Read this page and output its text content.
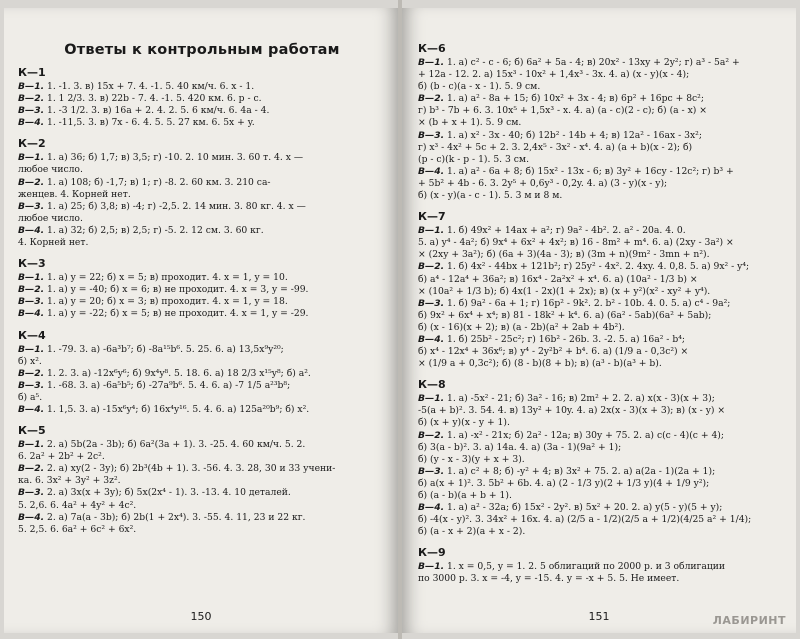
Ответы к контрольным работам
К—1
В—1. 1. -1. 3. в) 15x + 7. 4. -1. 5. 40 км/ч. 6. x - 1.
В—2. 1. 1 2/3. 3. в) 22b - 7. 4. -1. 5. 420 км. 6. p - c.
В—3. 1. -3 1/2. 3. в) 16a + 2. 4. 2. 5. 6 км/ч. 6. 4a - 4.
В—4. 1. -11,5. 3. в) 7x - 6. 4. 5. 5. 27 км. 6. 5x + y.
К—2
В—1. 1. а) 36; б) 1,7; в) 3,5; г) -10. 2. 10 мин. 3. 60 т. 4. x —
любое число.
В—2. 1. а) 108; б) -1,7; в) 1; г) -8. 2. 60 км. 3. 210 са-
женцев. 4. Корней нет.
В—3. 1. а) 25; б) 3,8; в) -4; г) -2,5. 2. 14 мин. 3. 80 кг. 4. x —
любое число.
В—4. 1. а) 32; б) 2,5; в) 2,5; г) -5. 2. 12 см. 3. 60 кг.
4. Корней нет.
К—3
В—1. 1. а) y = 22; б) x = 5; в) проходит. 4. x = 1, y = 10.
В—2. 1. а) y = -40; б) x = 6; в) не проходит. 4. x = 3, y = -99.
В—3. 1. а) y = 20; б) x = 3; в) проходит. 4. x = 1, y = 18.
В—4. 1. а) y = -22; б) x = 5; в) не проходит. 4. x = 1, y = -29.
К—4
В—1. 1. -79. 3. а) -6a³b⁷; б) -8a¹⁵b⁶. 5. 25. 6. а) 13,5x⁹y²⁰;
б) x².
В—2. 1. 2. 3. а) -12x⁶y⁶; б) 9x⁴y⁸. 5. 18. 6. а) 18 2/3 x¹⁵y⁸; б) a².
В—3. 1. -68. 3. а) -6a⁵b⁵; б) -27a⁹b⁶. 5. 4. 6. а) -7 1/5 a²³b⁸;
б) a⁵.
В—4. 1. 1,5. 3. а) -15x⁶y⁴; б) 16x⁴y¹⁶. 5. 4. 6. а) 125a²⁰b⁹; б) x².
К—5
В—1. 2. а) 5b(2a - 3b); б) 6a²(3a + 1). 3. -25. 4. 60 км/ч. 5. 2.
6. 2a² + 2b² + 2c².
В—2. 2. а) xy(2 - 3y); б) 2b³(4b + 1). 3. -56. 4. 3. 28, 30 и 33 учени-
ка. 6. 3x² + 3y² + 3z².
В—3. 2. а) 3x(x + 3y); б) 5x(2x⁴ - 1). 3. -13. 4. 10 деталей.
5. 2,6. 6. 4a² + 4y² + 4c².
В—4. 2. а) 7a(a - 3b); б) 2b(1 + 2x⁴). 3. -55. 4. 11, 23 и 22 кг.
5. 2,5. 6. 6a² + 6c² + 6x².
150
К—6
В—1. 1. а) c² - c - 6; б) 6a² + 5a - 4; в) 20x² - 13xy + 2y²; г) a³ - 5a² +
+ 12a - 12. 2. а) 15x³ - 10x² + 1,4x³ - 3x. 4. а) (x - y)(x - 4);
б) (b - c)(a - x - 1). 5. 9 см.
В—2. 1. а) a² - 8a + 15; б) 10x² + 3x - 4; в) 6p² + 16pc + 8c²;
г) b³ - 7b + 6. 3. 10x⁵ + 1,5x³ - x. 4. а) (a - c)(2 - c); б) (a - x) ×
× (b + x + 1). 5. 9 см.
В—3. 1. а) x² - 3x - 40; б) 12b² - 14b + 4; в) 12a² - 16ax - 3x²;
г) x³ - 4x² + 5c + 2. 3. 2,4x⁵ - 3x² - x⁴. 4. а) (a + b)(x - 2); б)
(p - c)(k - p - 1). 5. 3 см.
В—4. 1. а) a² - 6a + 8; б) 15x² - 13x - 6; в) 3y² + 16cy - 12c²; г) b³ +
+ 5b² + 4b - 6. 3. 2y⁵ + 0,6y³ - 0,2y. 4. а) (3 - y)(x - y);
б) (x - y)(a - c - 1). 5. 3 м и 8 м.
К—7
В—1. 1. б) 49x² + 14ax + a²; г) 9a² - 4b². 2. a² - 20a. 4. 0.
5. а) y⁴ - 4a²; б) 9x⁴ + 6x² + 4x²; в) 16 - 8m² + m⁴. 6. а) (2xy - 3a²) ×
× (2xy + 3a²); б) (6a + 3)(4a - 3); в) (3m + n)(9m² - 3mn + n²).
В—2. 1. б) 4x² - 44bx + 121b²; г) 25y² - 4x². 2. 4xy. 4. 0,8. 5. а) 9x² - y⁴;
б) a⁴ - 12a⁴ + 36a²; в) 16x⁴ - 2a²x² + x⁴. 6. а) (10a² - 1/3 b) ×
× (10a² + 1/3 b); б) 4x(1 - 2x)(1 + 2x); в) (x + y²)(x² - xy² + y⁴).
В—3. 1. б) 9a² - 6a + 1; г) 16p² - 9k². 2. b² - 10b. 4. 0. 5. а) c⁴ - 9a²;
б) 9x² + 6x⁴ + x⁴; в) 81 - 18k² + k⁴. 6. а) (6a² - 5ab)(6a² + 5ab);
б) (x - 16)(x + 2); в) (a - 2b)(a² + 2ab + 4b²).
В—4. 1. б) 25b² - 25c²; г) 16b² - 26b. 3. -2. 5. а) 16a² - b⁴;
б) x⁴ - 12x⁴ + 36x⁶; в) y⁴ - 2y²b² + b⁴. 6. а) (1/9 a - 0,3c²) ×
× (1/9 a + 0,3c²); б) (8 - b)(8 + b); в) (a³ - b)(a³ + b).
К—8
В—1. 1. а) -5x² - 21; б) 3a² - 16; в) 2m² + 2. 2. а) x(x - 3)(x + 3);
-5(a + b)². 3. 54. 4. в) 13y² + 10y. 4. а) 2x(x - 3)(x + 3); в) (x - y) ×
б) (x + y)(x - y + 1).
В—2. 1. а) -x² - 21x; б) 2a² - 12a; в) 30y + 75. 2. а) c(c - 4)(c + 4);
б) 3(a - b)². 3. а) 14a. 4. а) (3a - 1)(9a² + 1);
б) (y - x - 3)(y + x + 3).
В—3. 1. а) c² + 8; б) -y² + 4; в) 3x² + 75. 2. а) a(2a - 1)(2a + 1);
б) a(x + 1)². 3. 5b² + 6b. 4. а) (2 - 1/3 y)(2 + 1/3 y)(4 + 1/9 y²);
б) (a - b)(a + b + 1).
В—4. 1. а) a² - 32a; б) 15x² - 2y². в) 5x² + 20. 2. а) y(5 - y)(5 + y);
б) -4(x - y)². 3. 34x² + 16x. 4. а) (2/5 a - 1/2)(2/5 a + 1/2)(4/25 a² + 1/4);
б) (a - x + 2)(a + x - 2).
К—9
В—1. 1. x = 0,5, y = 1. 2. 5 облигаций по 2000 р. и 3 облигации
по 3000 р. 3. x = -4, y = -15. 4. y = -x + 5. 5. Не имеет.
151	ЛАБИРИНТ
